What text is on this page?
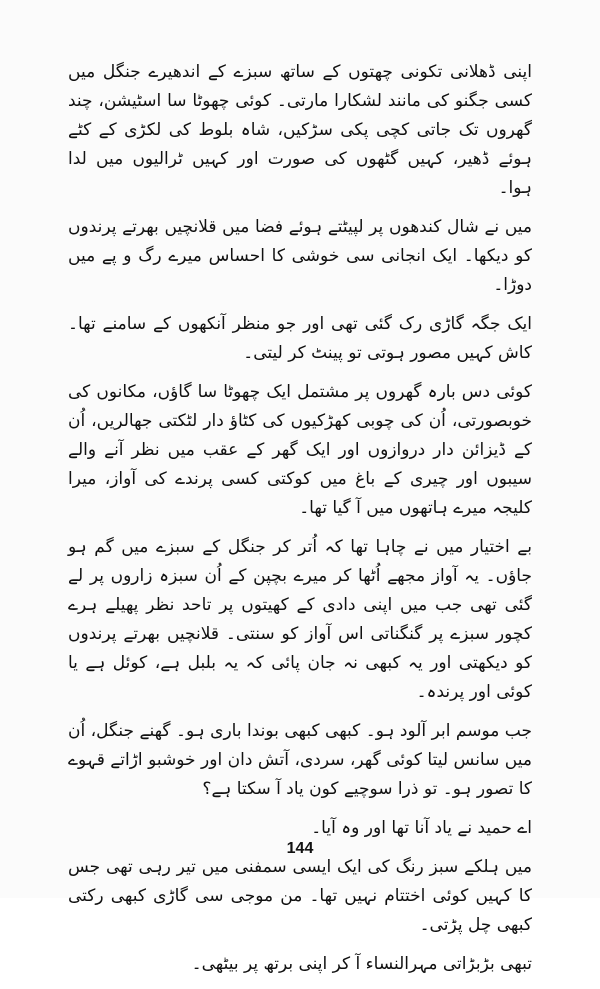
اپنی ڈھلانی تکونی چھتوں کے ساتھ سبزے کے اندھیرے جنگل میں کسی جگنو کی مانند لشکارا مارتی۔ کوئی چھوٹا سا اسٹیشن، چند گھروں تک جاتی کچی پکی سڑکیں، شاہ بلوط کی لکڑی کے کٹے ہوئے ڈھیر، کہیں گٹھوں کی صورت اور کہیں ٹرالیوں میں لدا ہوا۔

میں نے شال کندھوں پر لپیٹتے ہوئے فضا میں قلانچیں بھرتے پرندوں کو دیکھا۔ ایک انجانی سی خوشی کا احساس میرے رگ و پے میں دوڑا۔

ایک جگہ گاڑی رک گئی تھی اور جو منظر آنکھوں کے سامنے تھا۔ کاش کہیں مصور ہوتی تو پینٹ کر لیتی۔

کوئی دس بارہ گھروں پر مشتمل ایک چھوٹا سا گاؤں، مکانوں کی خوبصورتی، اُن کی چوبی کھڑکیوں کی کٹاؤ دار لٹکتی جھالریں، اُن کے ڈیزائن دار دروازوں اور ایک گھر کے عقب میں نظر آنے والے سیبوں اور چیری کے باغ میں کوکتی کسی پرندے کی آواز، میرا کلیجہ میرے ہاتھوں میں آ گیا تھا۔

بے اختیار میں نے چاہا تھا کہ اُتر کر جنگل کے سبزے میں گم ہو جاؤں۔ یہ آواز مجھے اُٹھا کر میرے بچپن کے اُن سبزہ زاروں پر لے گئی تھی جب میں اپنی دادی کے کھیتوں پر تاحد نظر پھیلے ہرے کچور سبزے پر گنگناتی اس آواز کو سنتی۔ قلانچیں بھرتے پرندوں کو دیکھتی اور یہ کبھی نہ جان پائی کہ یہ بلبل ہے، کوئل ہے یا کوئی اور پرندہ۔

جب موسم ابر آلود ہو۔ کبھی کبھی بوندا باری ہو۔ گھنے جنگل، اُن میں سانس لیتا کوئی گھر، سردی، آتش دان اور خوشبو اڑاتے قہوے کا تصور ہو۔ تو ذرا سوچیے کون یاد آ سکتا ہے؟

اے حمید نے یاد آنا تھا اور وہ آیا۔

میں ہلکے سبز رنگ کی ایک ایسی سمفنی میں تیر رہی تھی جس کا کہیں کوئی اختتام نہیں تھا۔ من موجی سی گاڑی کبھی رکتی کبھی چل پڑتی۔

تبھی بڑبڑاتی مہرالنساء آ کر اپنی برتھ پر بیٹھی۔

144
